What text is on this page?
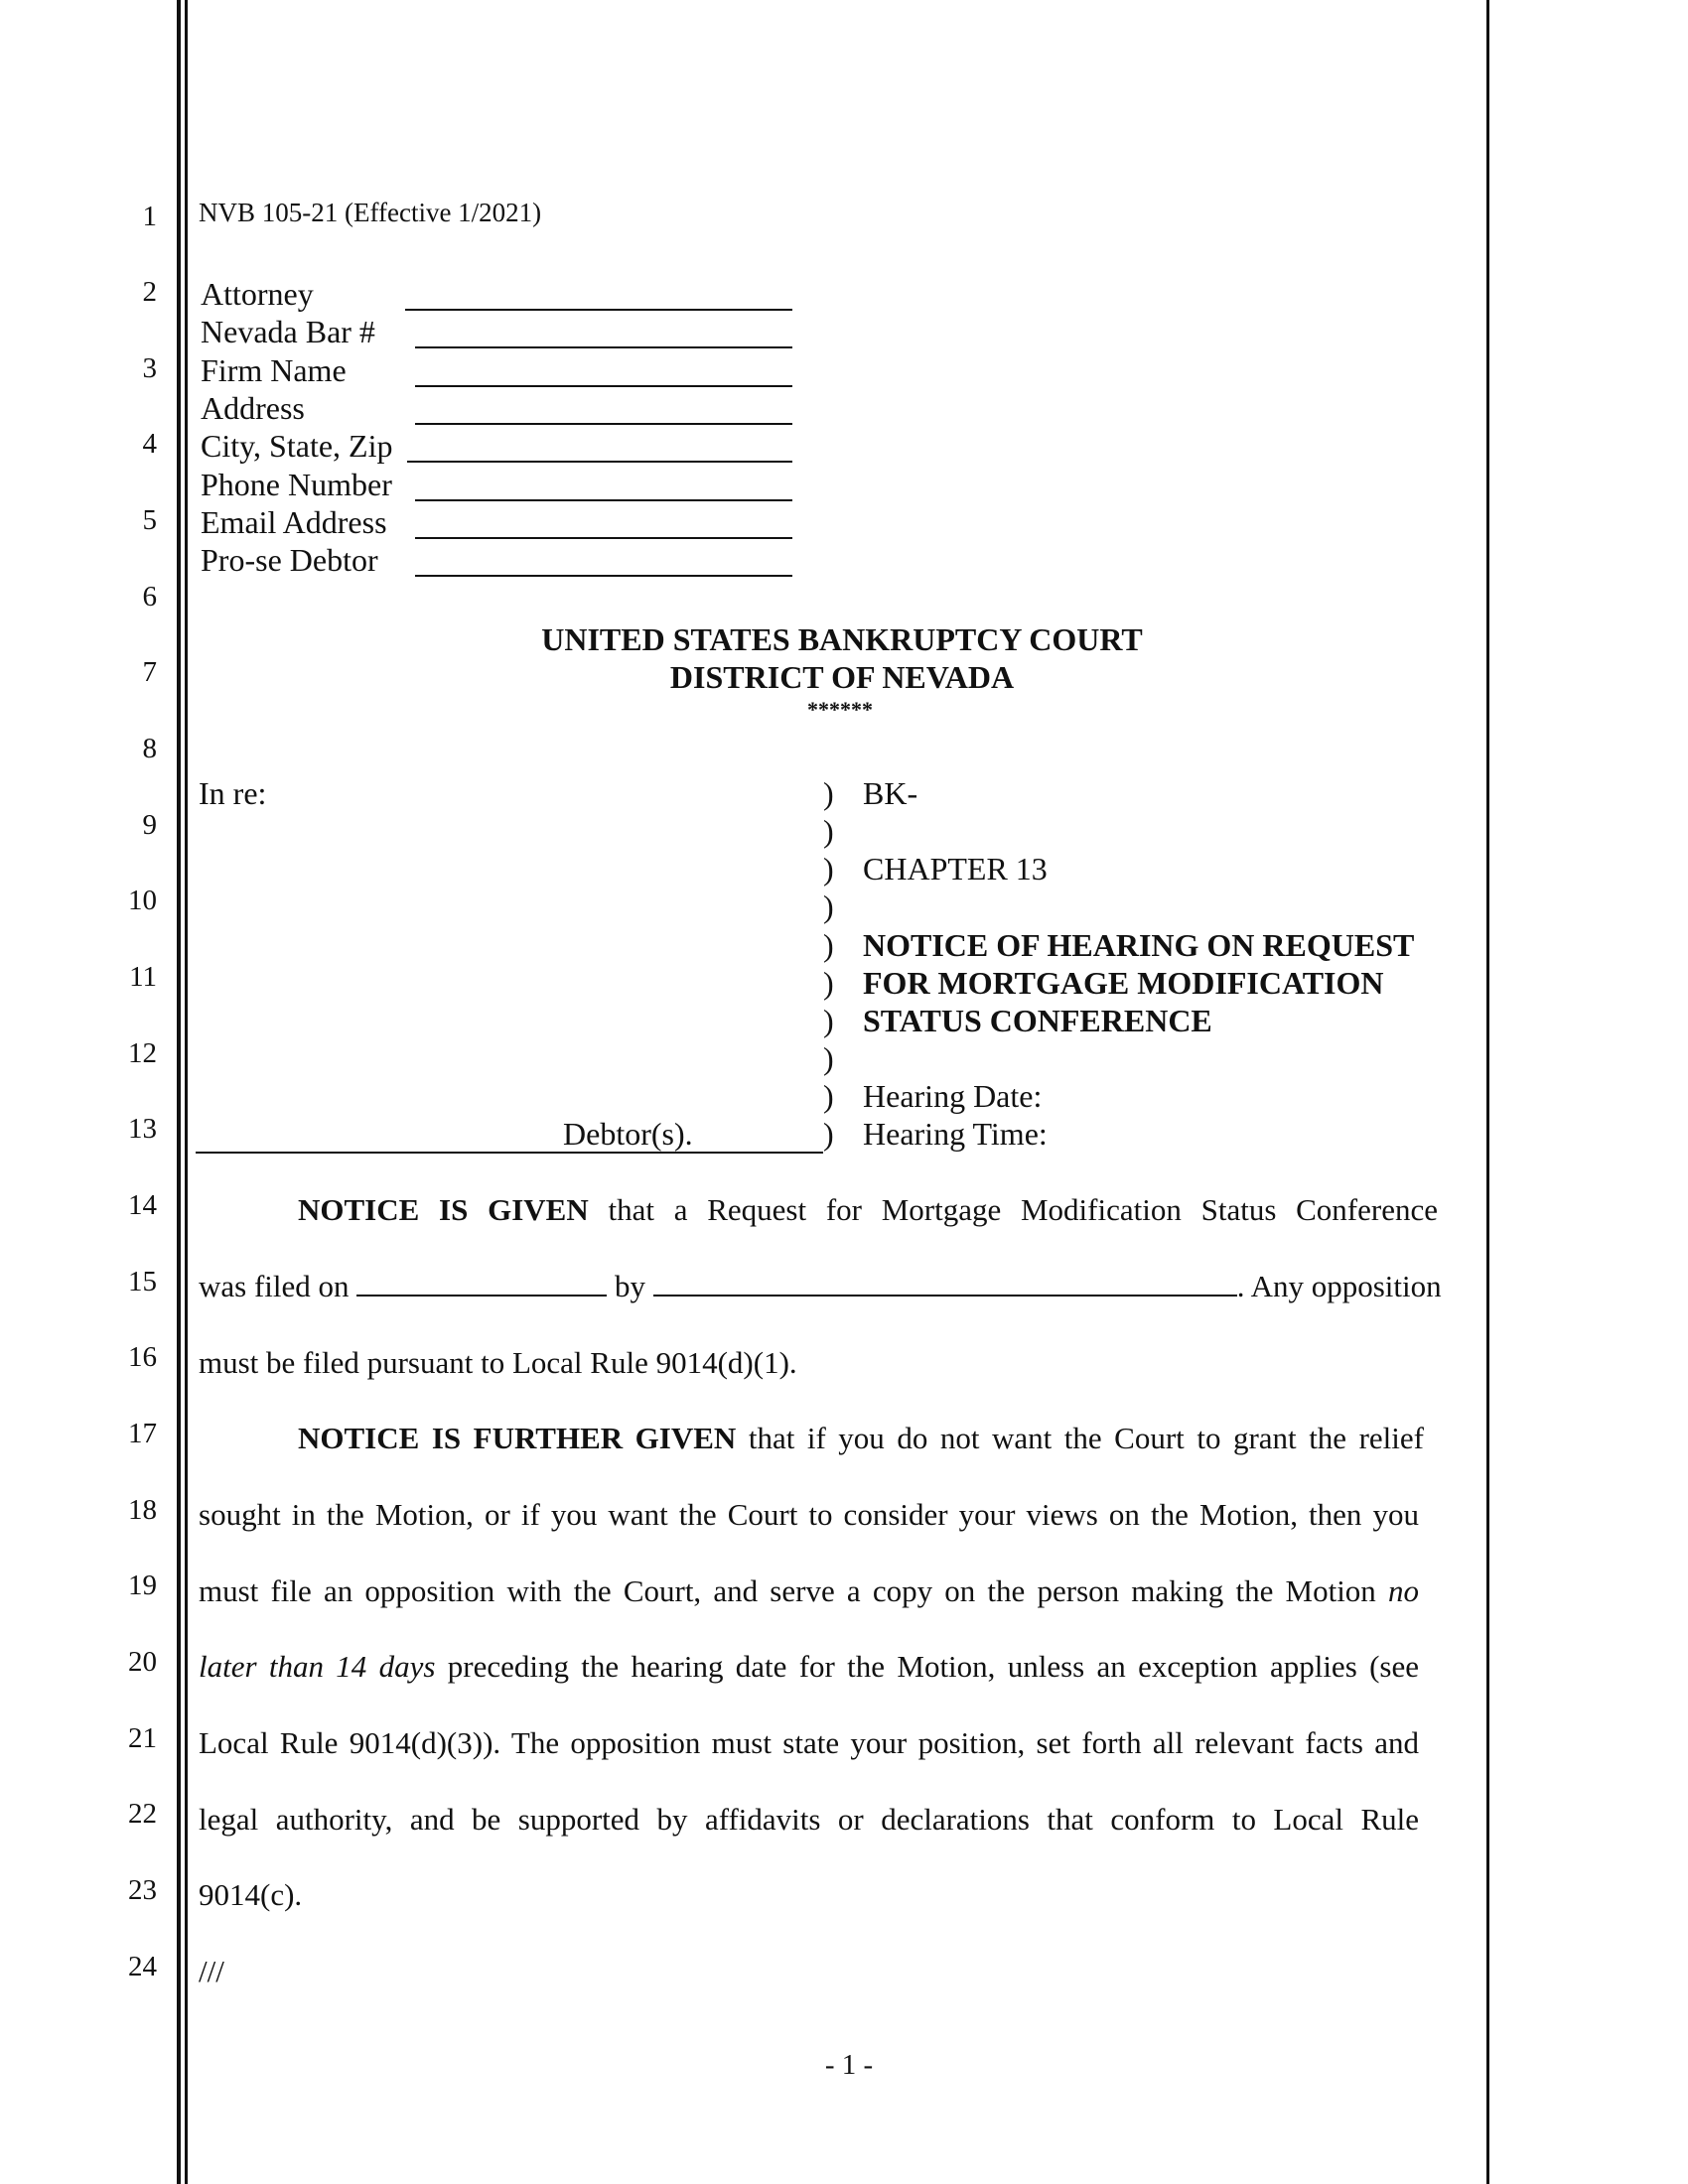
1
2
3
4
5
6
7
8
9
10
11
12
13
14
15
16
17
18
19
20
21
22
23
24
NVB 105-21 (Effective 1/2021)
Attorney
Nevada Bar #
Firm Name
Address
City, State, Zip
Phone Number
Email Address
Pro-se Debtor
UNITED STATES BANKRUPTCY COURT
DISTRICT OF NEVADA
******
In re:
Debtor(s).
)
)
)
)
)
)
)
)
)
)
BK-
CHAPTER 13
NOTICE OF HEARING ON REQUEST
FOR MORTGAGE MODIFICATION
STATUS CONFERENCE
Hearing Date:
Hearing Time:
NOTICE IS GIVEN that a Request for Mortgage Modification Status Conference
was filed on	by	. Any opposition
must be filed pursuant to Local Rule 9014(d)(1).
NOTICE IS FURTHER GIVEN that if you do not want the Court to grant the relief
sought in the Motion, or if you want the Court to consider your views on the Motion, then you
must file an opposition with the Court, and serve a copy on the person making the Motion no
later than 14 days preceding the hearing date for the Motion, unless an exception applies (see
Local Rule 9014(d)(3)). The opposition must state your position, set forth all relevant facts and
legal authority, and be supported by affidavits or declarations that conform to Local Rule
9014(c).
///
- 1 -
